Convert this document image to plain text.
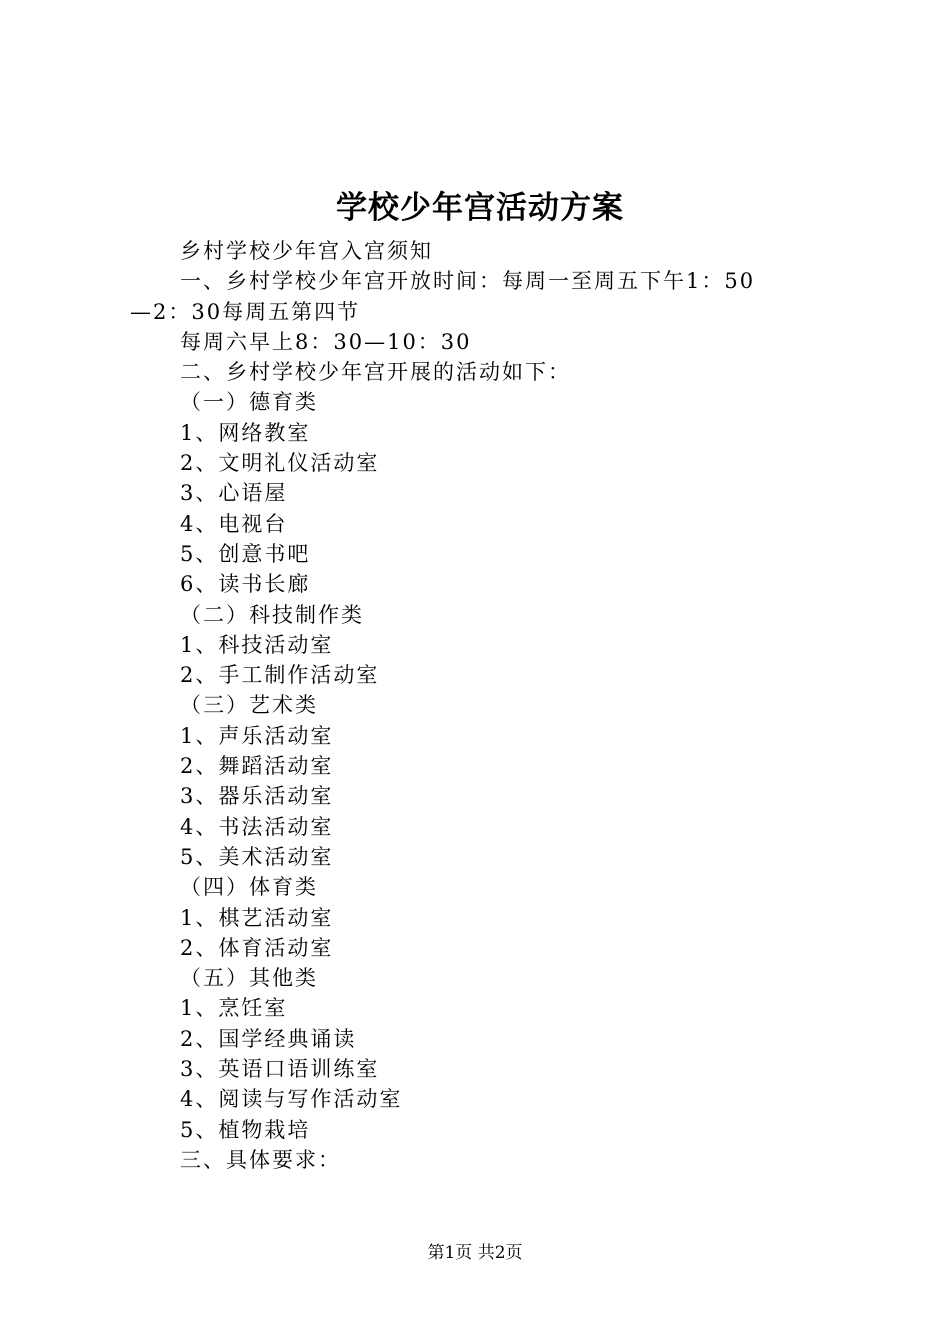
学校少年宫活动方案
乡村学校少年宫入宫须知
一、乡村学校少年宫开放时间：每周一至周五下午1：50
—2：30每周五第四节
每周六早上8：30—10：30
二、乡村学校少年宫开展的活动如下：
（一）德育类
1、网络教室
2、文明礼仪活动室
3、心语屋
4、电视台
5、创意书吧
6、读书长廊
（二）科技制作类
1、科技活动室
2、手工制作活动室
（三）艺术类
1、声乐活动室
2、舞蹈活动室
3、器乐活动室
4、书法活动室
5、美术活动室
（四）体育类
1、棋艺活动室
2、体育活动室
（五）其他类
1、烹饪室
2、国学经典诵读
3、英语口语训练室
4、阅读与写作活动室
5、植物栽培
三、具体要求：
第1页 共2页
